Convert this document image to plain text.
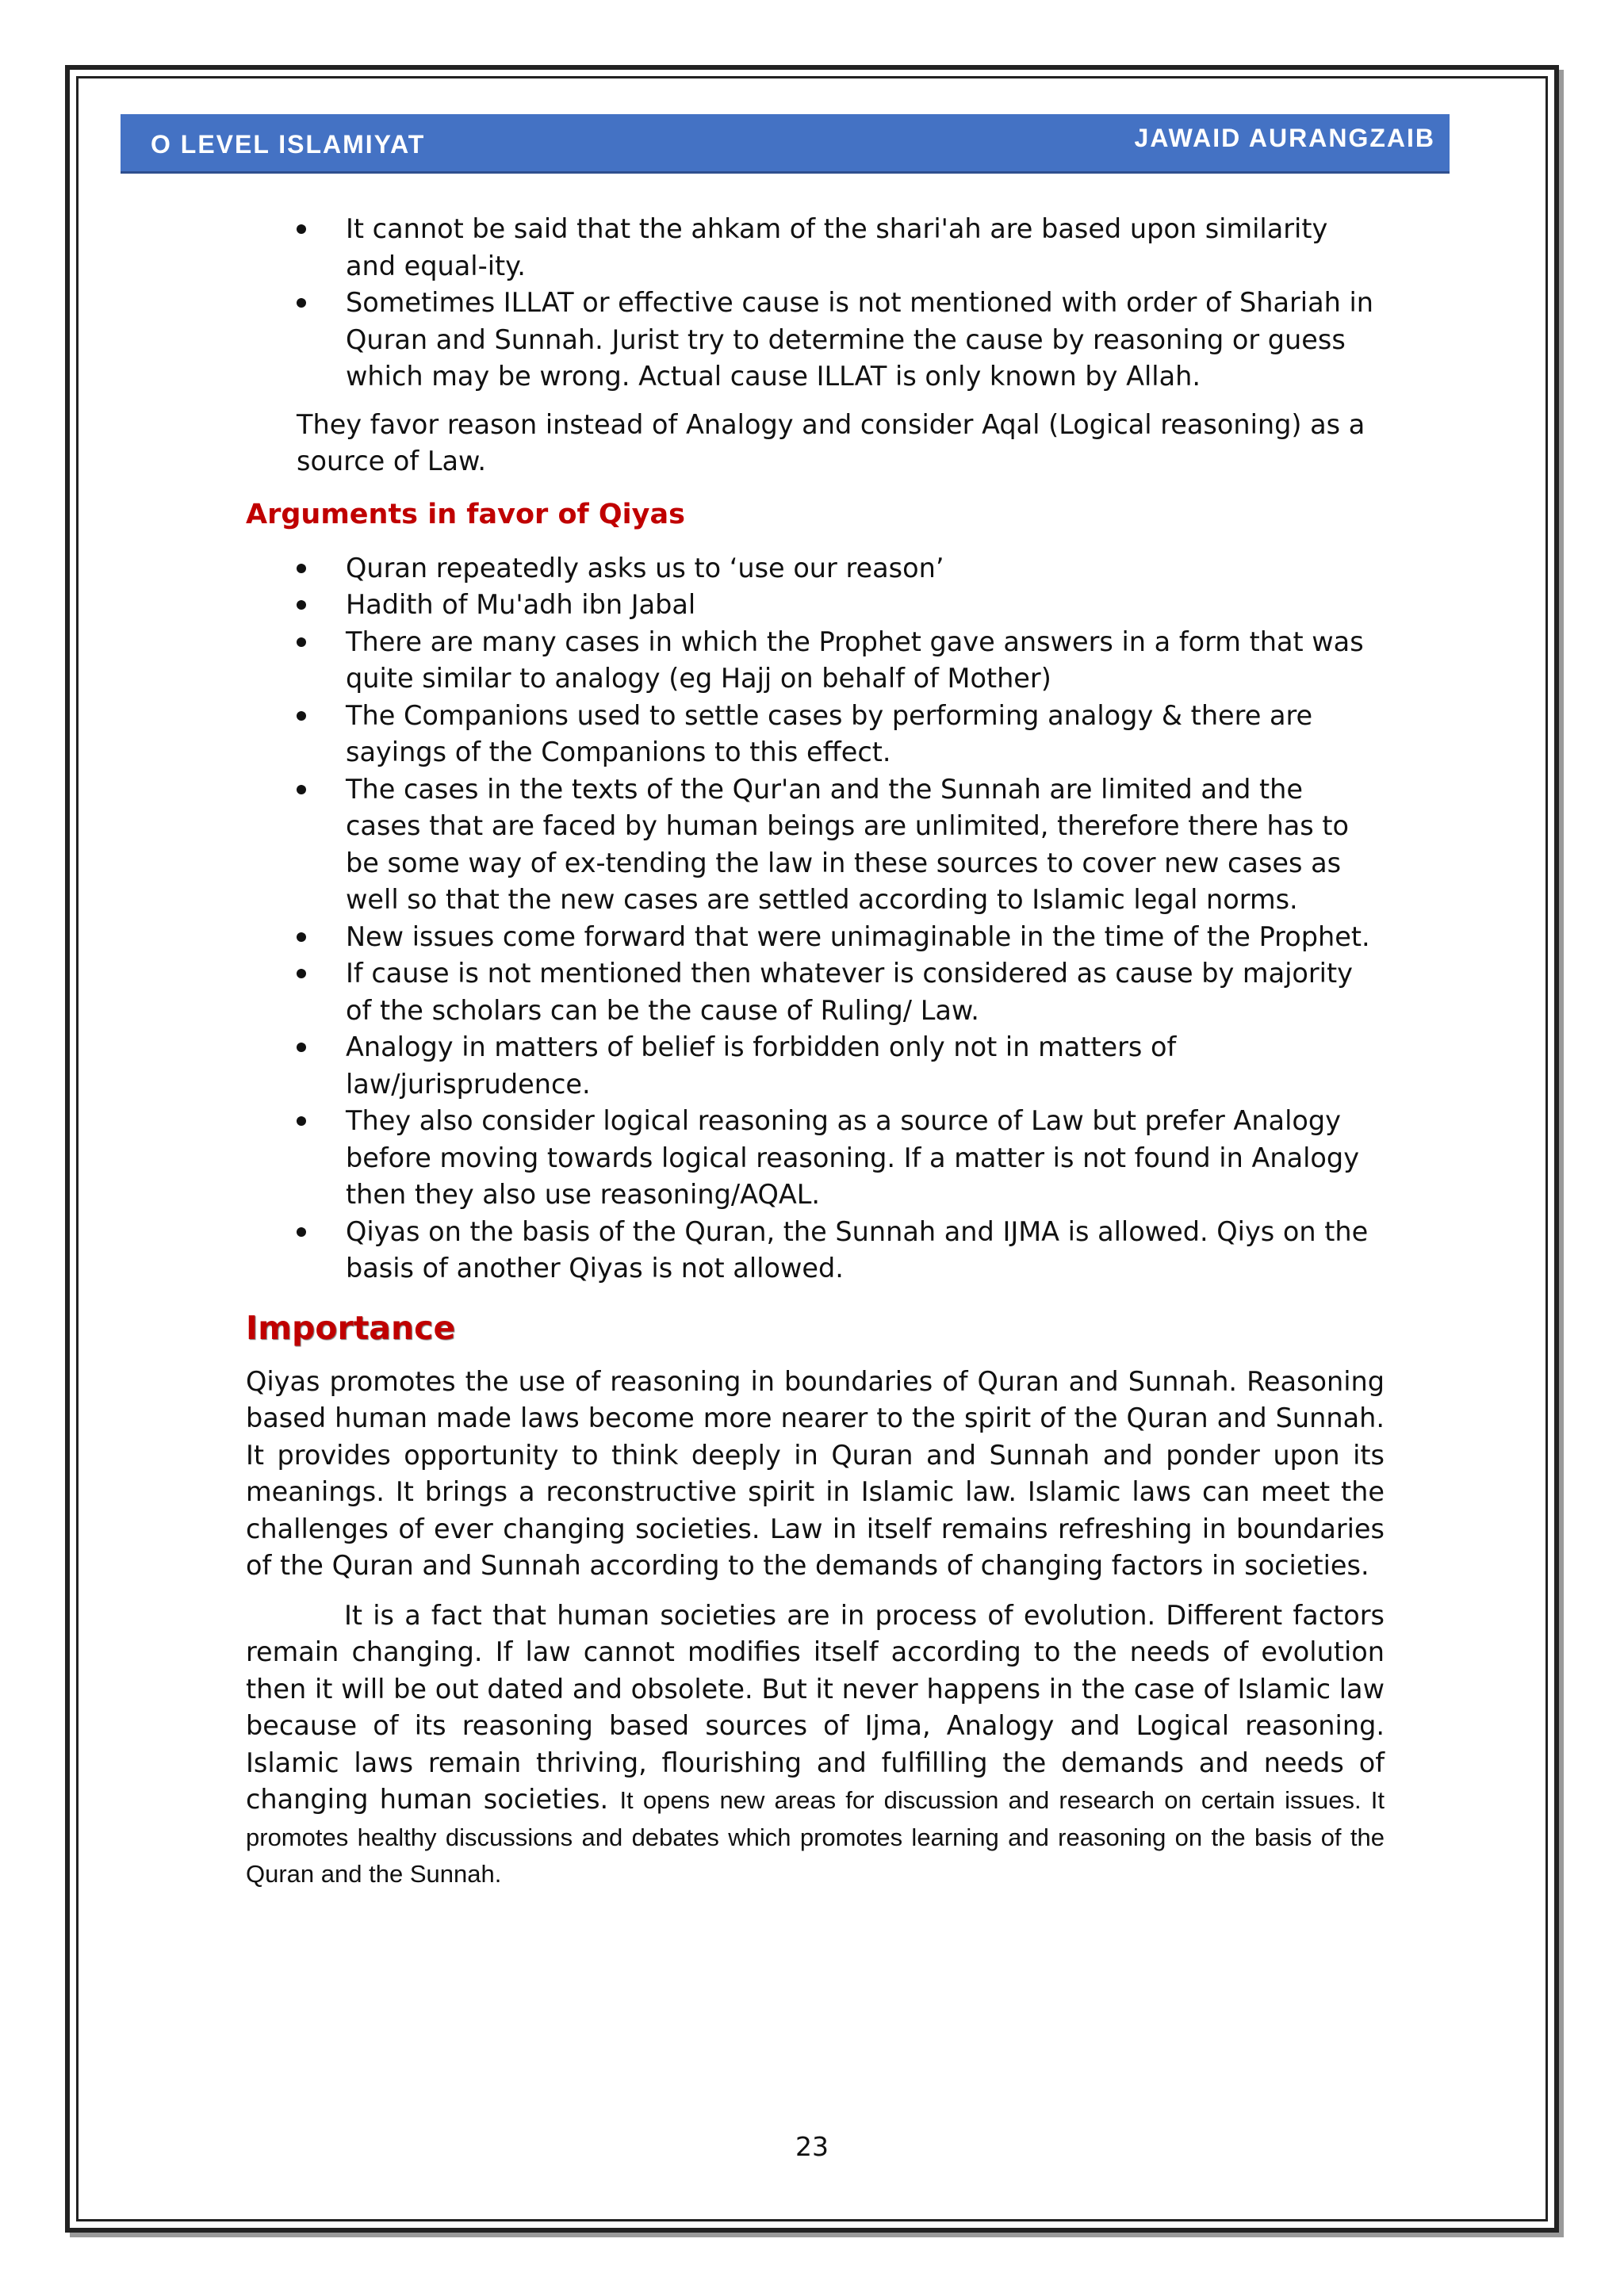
O LEVEL ISLAMIYAT	JAWAID AURANGZAIB
It cannot be said that the ahkam of the shari'ah are based upon similarity and equal-ity.
Sometimes ILLAT or effective cause is not mentioned with order of Shariah in Quran and Sunnah. Jurist try to determine the cause by reasoning or guess which may be wrong. Actual cause ILLAT is only known by Allah.

They favor reason instead of Analogy and consider Aqal (Logical reasoning) as a source of Law.

Arguments in favor of Qiyas
Quran repeatedly asks us to ‘use our reason’
Hadith of Mu'adh ibn Jabal
There are many cases in which the Prophet gave answers in a form that was quite similar to analogy (eg Hajj on behalf of Mother)
The Companions used to settle cases by performing analogy & there are sayings of the Companions to this effect.
The cases in the texts of the Qur'an and the Sunnah are limited and the cases that are faced by human beings are unlimited, therefore there has to be some way of ex-tending the law in these sources to cover new cases as well so that the new cases are settled according to Islamic legal norms.
New issues come forward that were unimaginable in the time of the Prophet.
If cause is not mentioned then whatever is considered as cause by majority of the scholars can be the cause of Ruling/ Law.
Analogy in matters of belief is forbidden only not in matters of law/jurisprudence.
They also consider logical reasoning as a source of Law but prefer Analogy before moving towards logical reasoning. If a matter is not found in Analogy then they also use reasoning/AQAL.
Qiyas on the basis of the Quran, the Sunnah and IJMA is allowed. Qiys on the basis of another Qiyas is not allowed.
Importance

Qiyas promotes the use of reasoning in boundaries of Quran and Sunnah. Reasoning based human made laws become more nearer to the spirit of the Quran and Sunnah. It provides opportunity to think deeply in Quran and Sunnah and ponder upon its meanings. It brings a reconstructive spirit in Islamic law. Islamic laws can meet the challenges of ever changing societies. Law in itself remains refreshing in boundaries of the Quran and Sunnah according to the demands of changing factors in societies.

It is a fact that human societies are in process of evolution. Different factors remain changing. If law cannot modifies itself according to the needs of evolution then it will be out dated and obsolete. But it never happens in the case of Islamic law because of its reasoning based sources of Ijma, Analogy and Logical reasoning. Islamic laws remain thriving, flourishing and fulfilling the demands and needs of changing human societies. It opens new areas for discussion and research on certain issues. It promotes healthy discussions and debates which promotes learning and reasoning on the basis of the Quran and the Sunnah.

23
